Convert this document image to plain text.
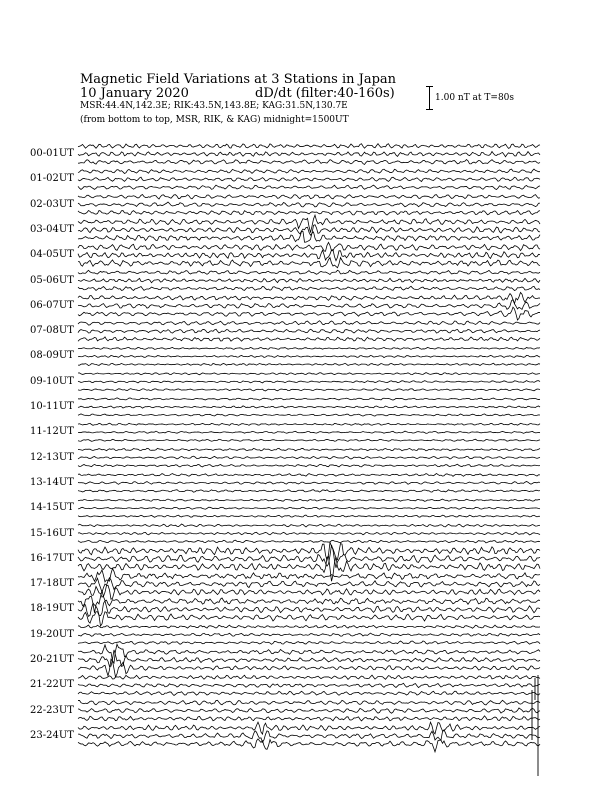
Magnetic Field Variations at 3 Stations in Japan
10 January 2020	dD/dt (filter:40-160s)
MSR:44.4N,142.3E; RIK:43.5N,143.8E; KAG:31.5N,130.7E
(from bottom to top, MSR, RIK, & KAG) midnight=1500UT
1.00 nT at T=80s
00-01UT
01-02UT
02-03UT
03-04UT
04-05UT
05-06UT
06-07UT
07-08UT
08-09UT
09-10UT
10-11UT
11-12UT
12-13UT
13-14UT
14-15UT
15-16UT
16-17UT
17-18UT
18-19UT
19-20UT
20-21UT
21-22UT
22-23UT
23-24UT
